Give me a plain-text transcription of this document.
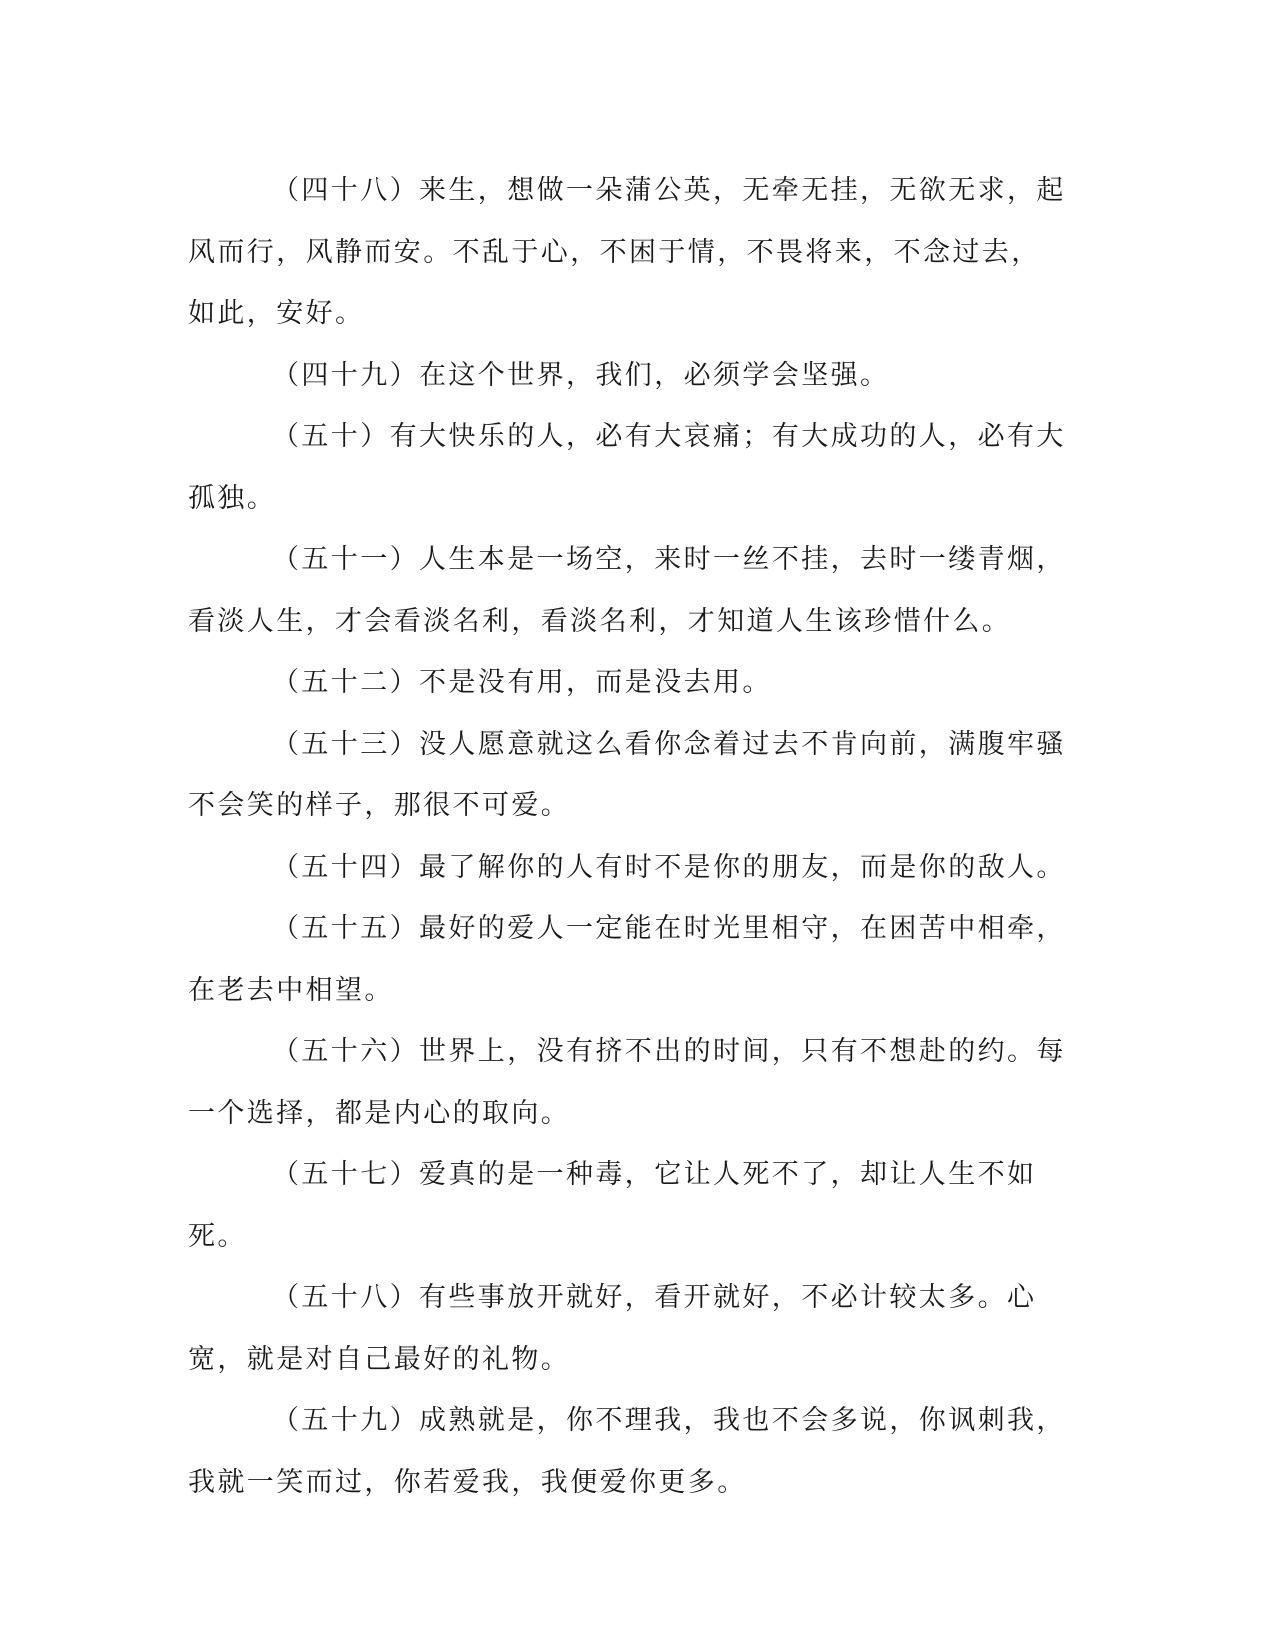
（四十八）来生，想做一朵蒲公英，无牵无挂，无欲无求，起风而行，风静而安。不乱于心，不困于情，不畏将来，不念过去，如此，安好。

（四十九）在这个世界，我们，必须学会坚强。

（五十）有大快乐的人，必有大哀痛；有大成功的人，必有大孤独。

（五十一）人生本是一场空，来时一丝不挂，去时一缕青烟，看淡人生，才会看淡名利，看淡名利，才知道人生该珍惜什么。

（五十二）不是没有用，而是没去用。

（五十三）没人愿意就这么看你念着过去不肯向前，满腹牢骚不会笑的样子，那很不可爱。

（五十四）最了解你的人有时不是你的朋友，而是你的敌人。

（五十五）最好的爱人一定能在时光里相守，在困苦中相牵，在老去中相望。

（五十六）世界上，没有挤不出的时间，只有不想赴的约。每一个选择，都是内心的取向。

（五十七）爱真的是一种毒，它让人死不了，却让人生不如死。

（五十八）有些事放开就好，看开就好，不必计较太多。心宽，就是对自己最好的礼物。

（五十九）成熟就是，你不理我，我也不会多说，你讽刺我，我就一笑而过，你若爱我，我便爱你更多。
